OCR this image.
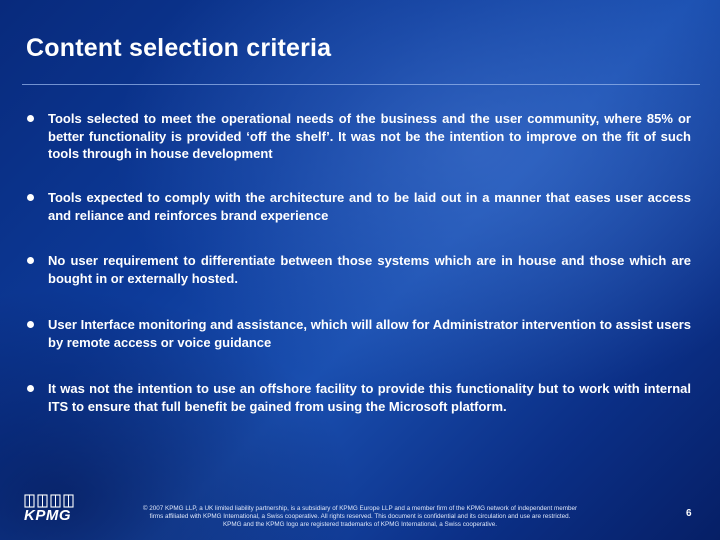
Content selection criteria
Tools selected to meet the operational needs of the business and the user community, where 85% or better functionality is provided ‘off the shelf’. It was not be the intention to improve on the fit of such tools through in house development
Tools expected to comply with the architecture and to be laid out in a manner that eases user access and reliance and reinforces brand experience
No user requirement to differentiate between those systems which are in house and those which are bought in or externally hosted.
User Interface monitoring and assistance, which will allow for Administrator intervention to assist users by remote access or voice guidance
It was not the intention to use an offshore facility to provide this functionality but to work with internal ITS to ensure that full benefit be gained from using the Microsoft platform.
KPMG	© 2007 KPMG LLP, a UK limited liability partnership, is a subsidiary of KPMG Europe LLP and a member firm of the KPMG network of independent member
firms affiliated with KPMG International, a Swiss cooperative. All rights reserved. This document is confidential and its circulation and use are restricted.
KPMG and the KPMG logo are registered trademarks of KPMG International, a Swiss cooperative.
6
